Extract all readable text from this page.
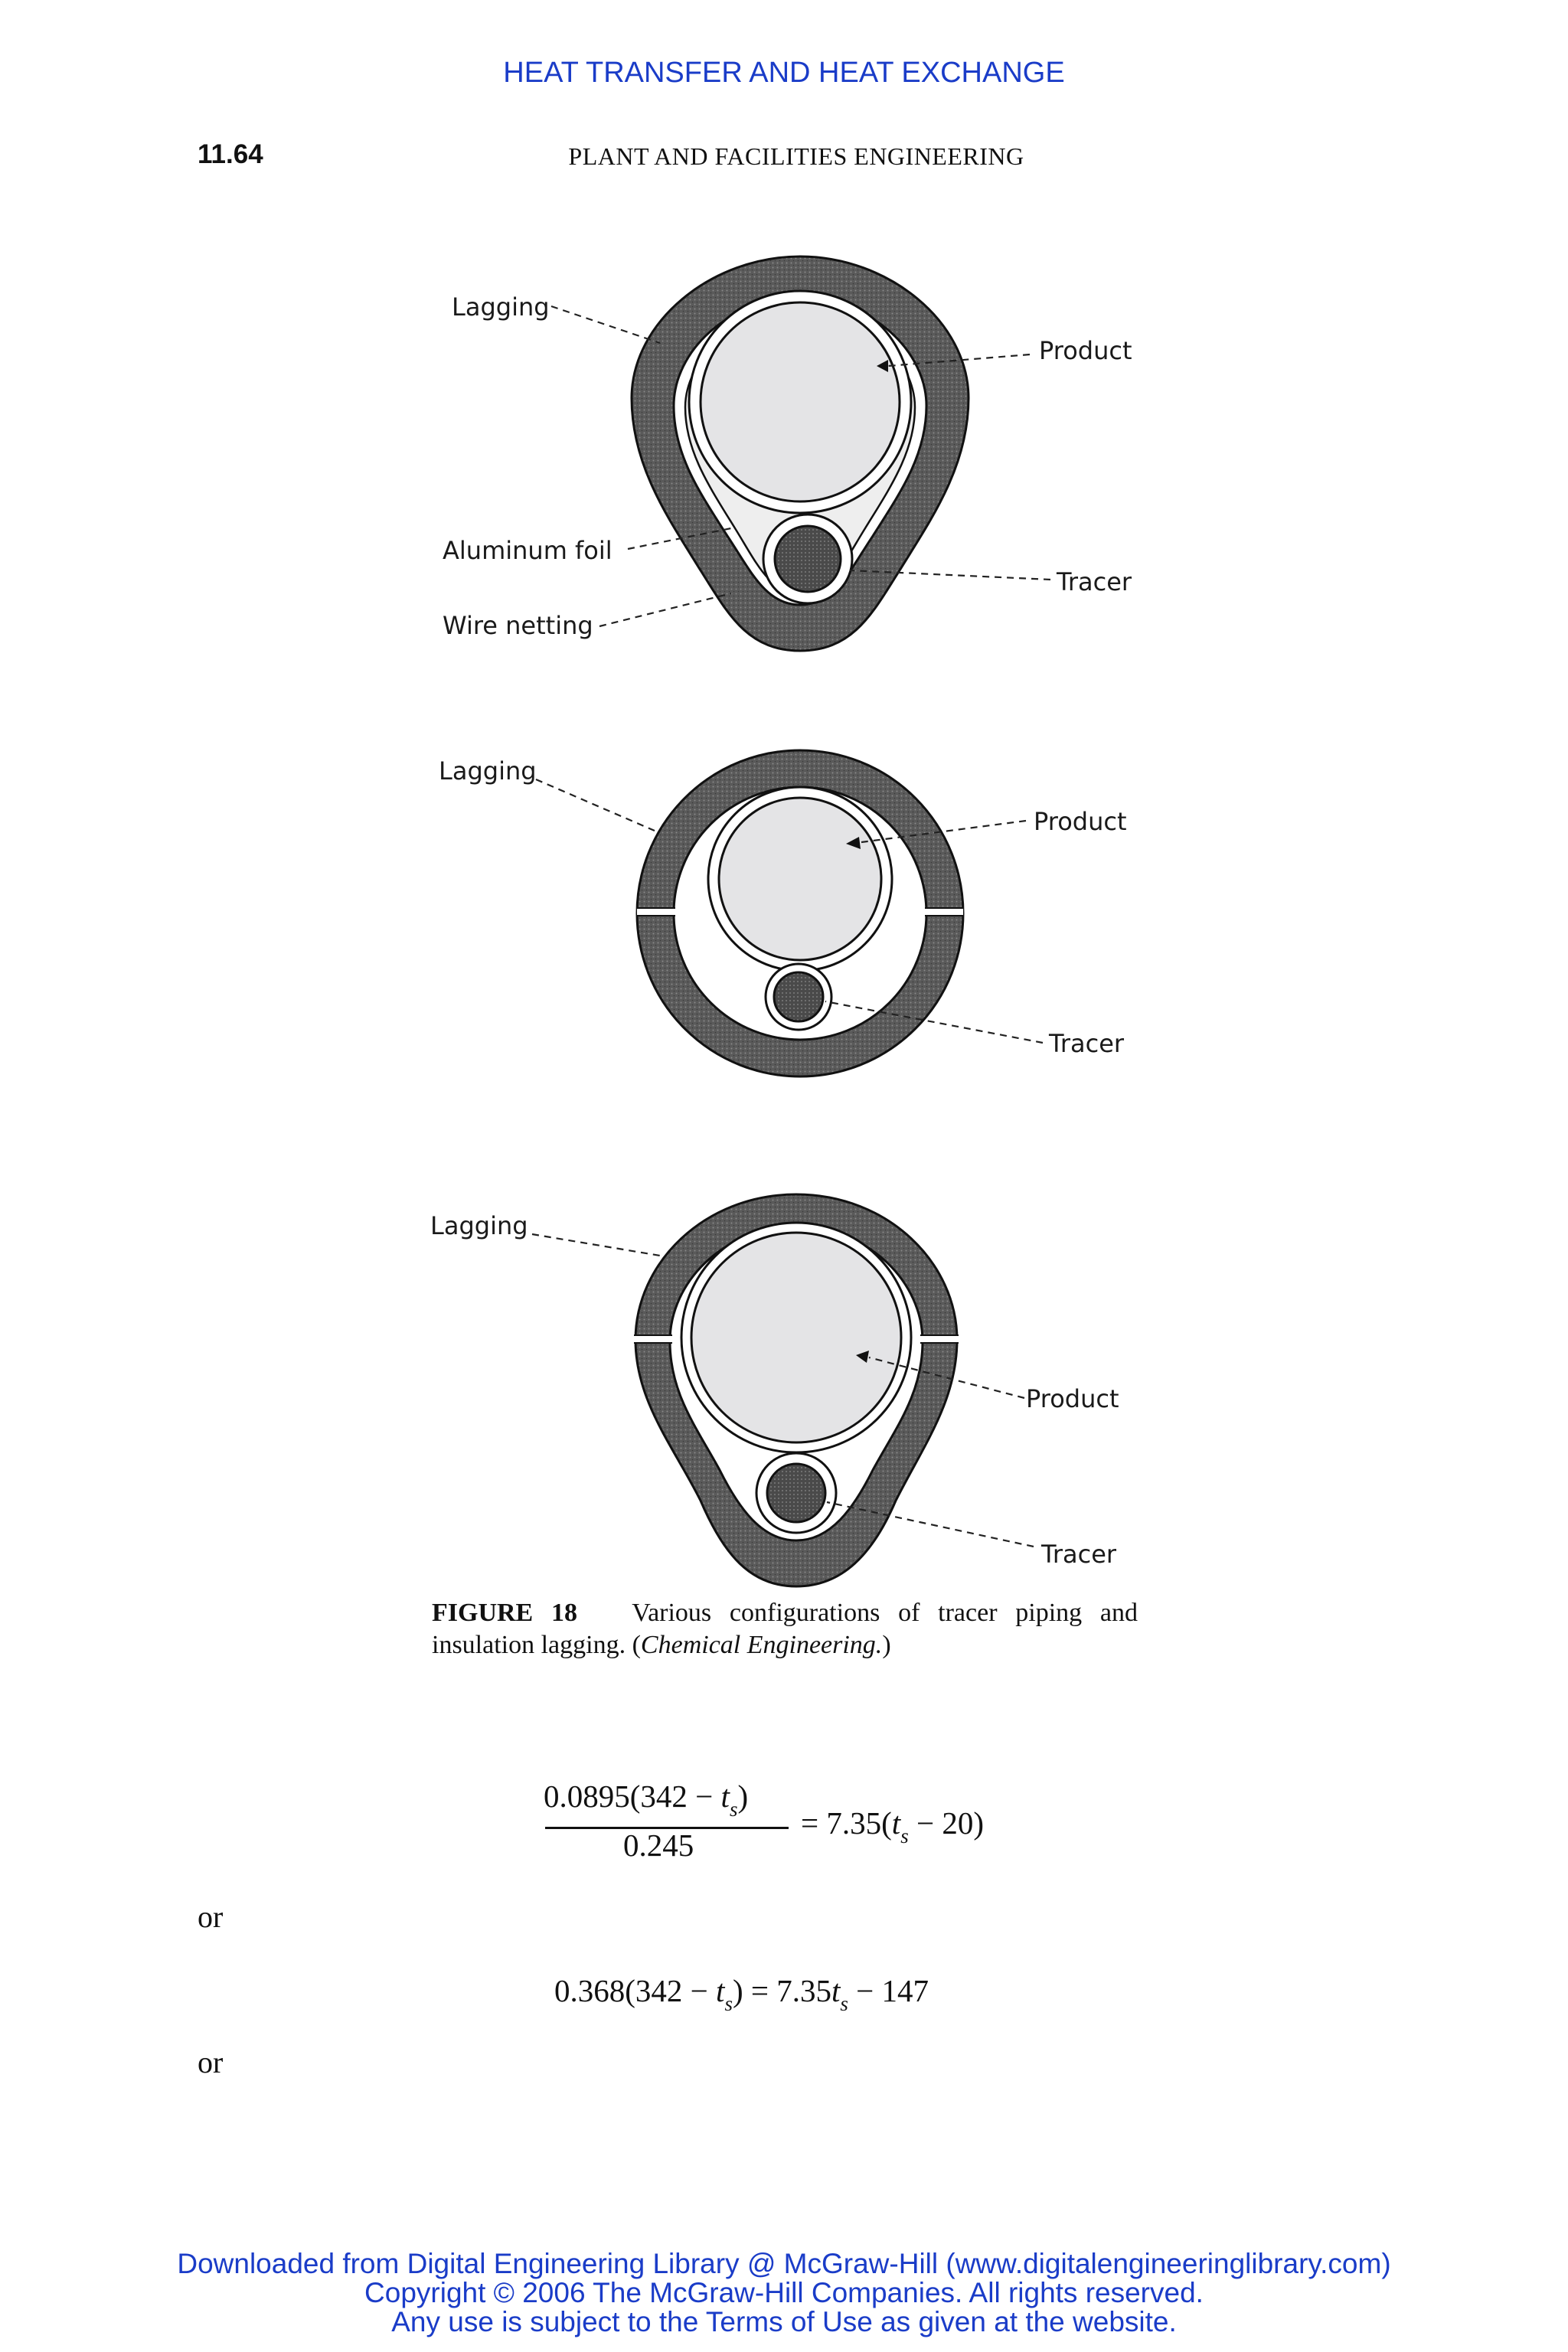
HEAT TRANSFER AND HEAT EXCHANGE
11.64	PLANT AND FACILITIES ENGINEERING
Lagging
Product
Aluminum foil
Tracer
Wire netting
Lagging
Product
Tracer
Lagging
Product
Tracer
FIGURE 18 Various configurations of tracer piping and insulation lagging. (Chemical Engineering.)
$0.0895(342 - t_s)$
0.245
= $7.35(t_s - 20)$
or
$0.368(342 - t_s) = 7.35t_s - 147$
or
Downloaded from Digital Engineering Library @ McGraw-Hill (www.digitalengineeringlibrary.com)
Copyright © 2006 The McGraw-Hill Companies. All rights reserved.
Any use is subject to the Terms of Use as given at the website.
